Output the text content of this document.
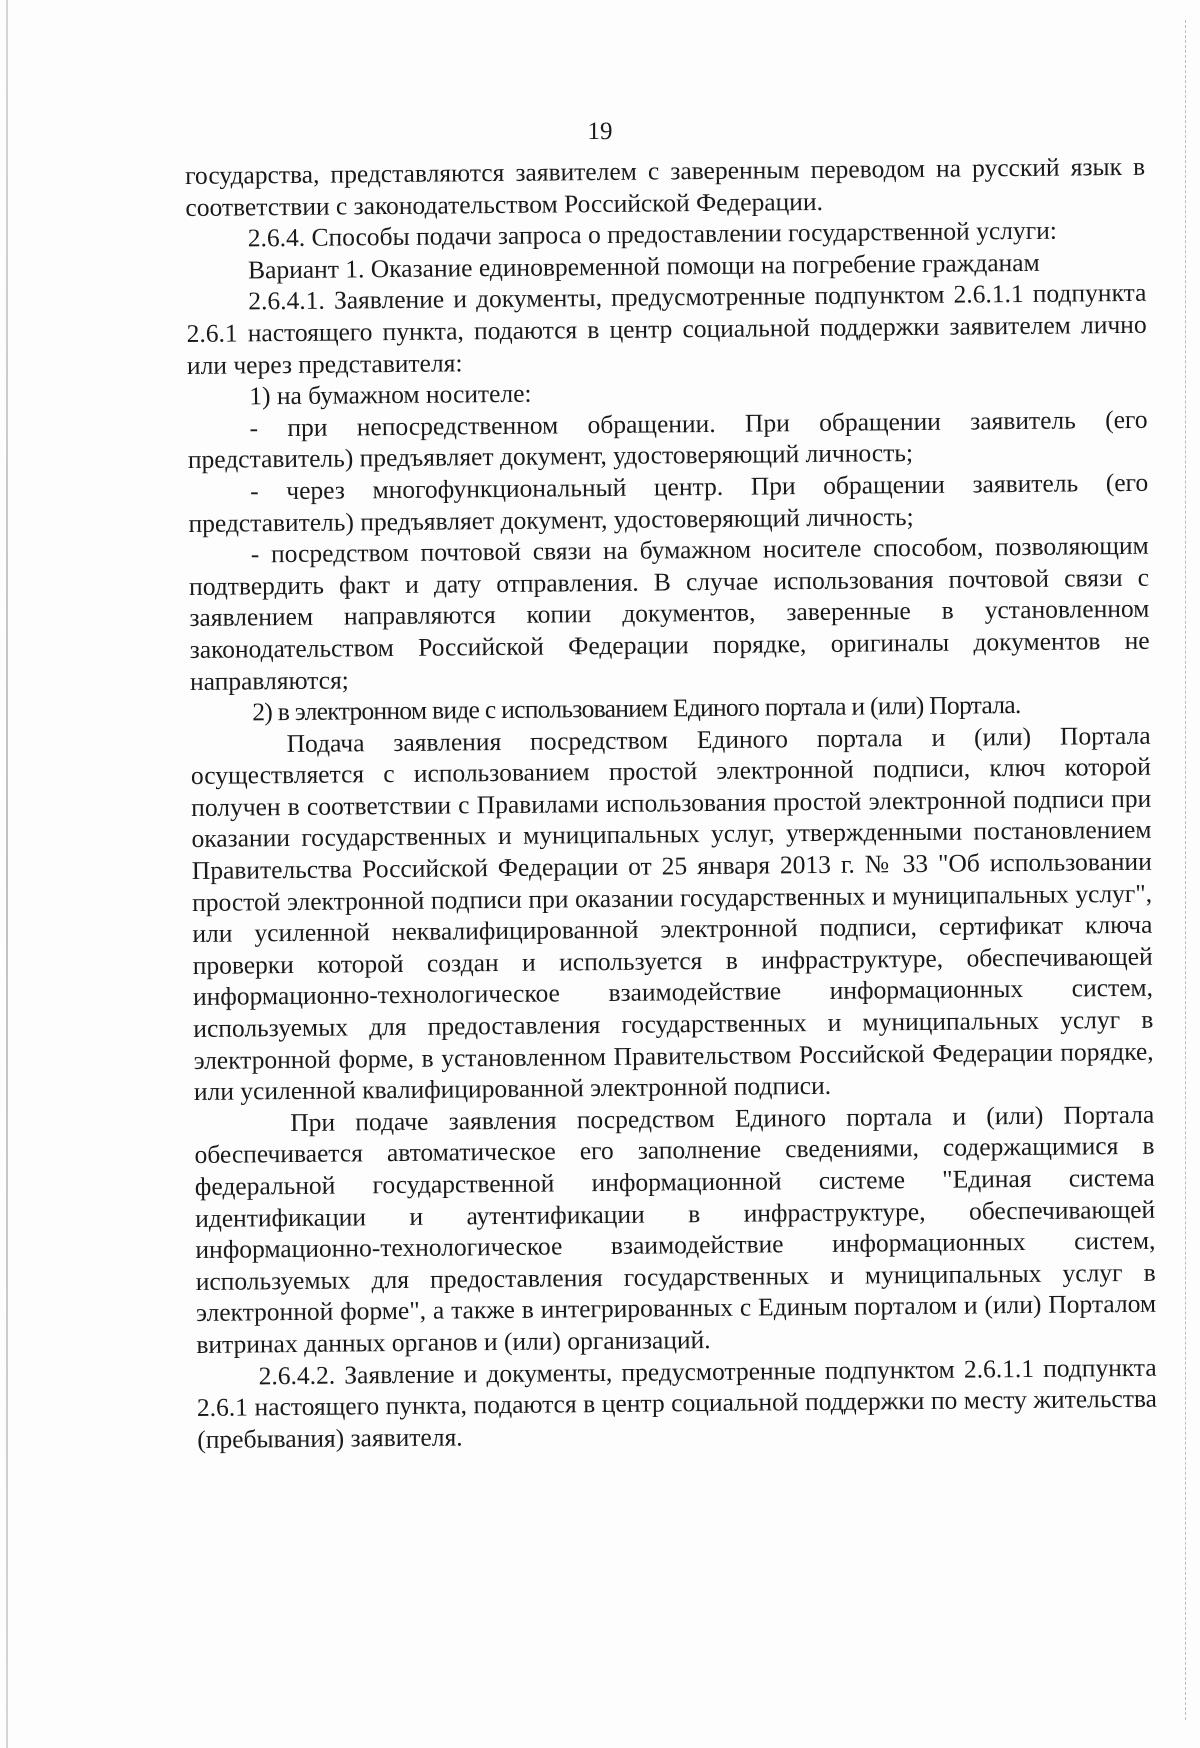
19

государства, представляются заявителем с заверенным переводом на русский язык в соответствии с законодательством Российской Федерации.

2.6.4. Способы подачи запроса о предоставлении государственной услуги:

Вариант 1. Оказание единовременной помощи на погребение гражданам

2.6.4.1. Заявление и документы, предусмотренные подпунктом 2.6.1.1 подпункта 2.6.1 настоящего пункта, подаются в центр социальной поддержки заявителем лично или через представителя:

1) на бумажном носителе:

- при непосредственном обращении. При обращении заявитель (его представитель) предъявляет документ, удостоверяющий личность;

- через многофункциональный центр. При обращении заявитель (его представитель) предъявляет документ, удостоверяющий личность;

- посредством почтовой связи на бумажном носителе способом, позволяющим подтвердить факт и дату отправления. В случае использования почтовой связи с заявлением направляются копии документов, заверенные в установленном законодательством Российской Федерации порядке, оригиналы документов не направляются;

2) в электронном виде с использованием Единого портала и (или) Портала.

Подача заявления посредством Единого портала и (или) Портала осуществляется с использованием простой электронной подписи, ключ которой получен в соответствии с Правилами использования простой электронной подписи при оказании государственных и муниципальных услуг, утвержденными постановлением Правительства Российской Федерации от 25 января 2013 г. № 33 "Об использовании простой электронной подписи при оказании государственных и муниципальных услуг", или усиленной неквалифицированной электронной подписи, сертификат ключа проверки которой создан и используется в инфраструктуре, обеспечивающей информационно-технологическое взаимодействие информационных систем, используемых для предоставления государственных и муниципальных услуг в электронной форме, в установленном Правительством Российской Федерации порядке, или усиленной квалифицированной электронной подписи.

При подаче заявления посредством Единого портала и (или) Портала обеспечивается автоматическое его заполнение сведениями, содержащимися в федеральной государственной информационной системе "Единая система идентификации и аутентификации в инфраструктуре, обеспечивающей информационно-технологическое взаимодействие информационных систем, используемых для предоставления государственных и муниципальных услуг в электронной форме", а также в интегрированных с Единым порталом и (или) Порталом витринах данных органов и (или) организаций.

2.6.4.2. Заявление и документы, предусмотренные подпунктом 2.6.1.1 подпункта 2.6.1 настоящего пункта, подаются в центр социальной поддержки по месту жительства (пребывания) заявителя.
